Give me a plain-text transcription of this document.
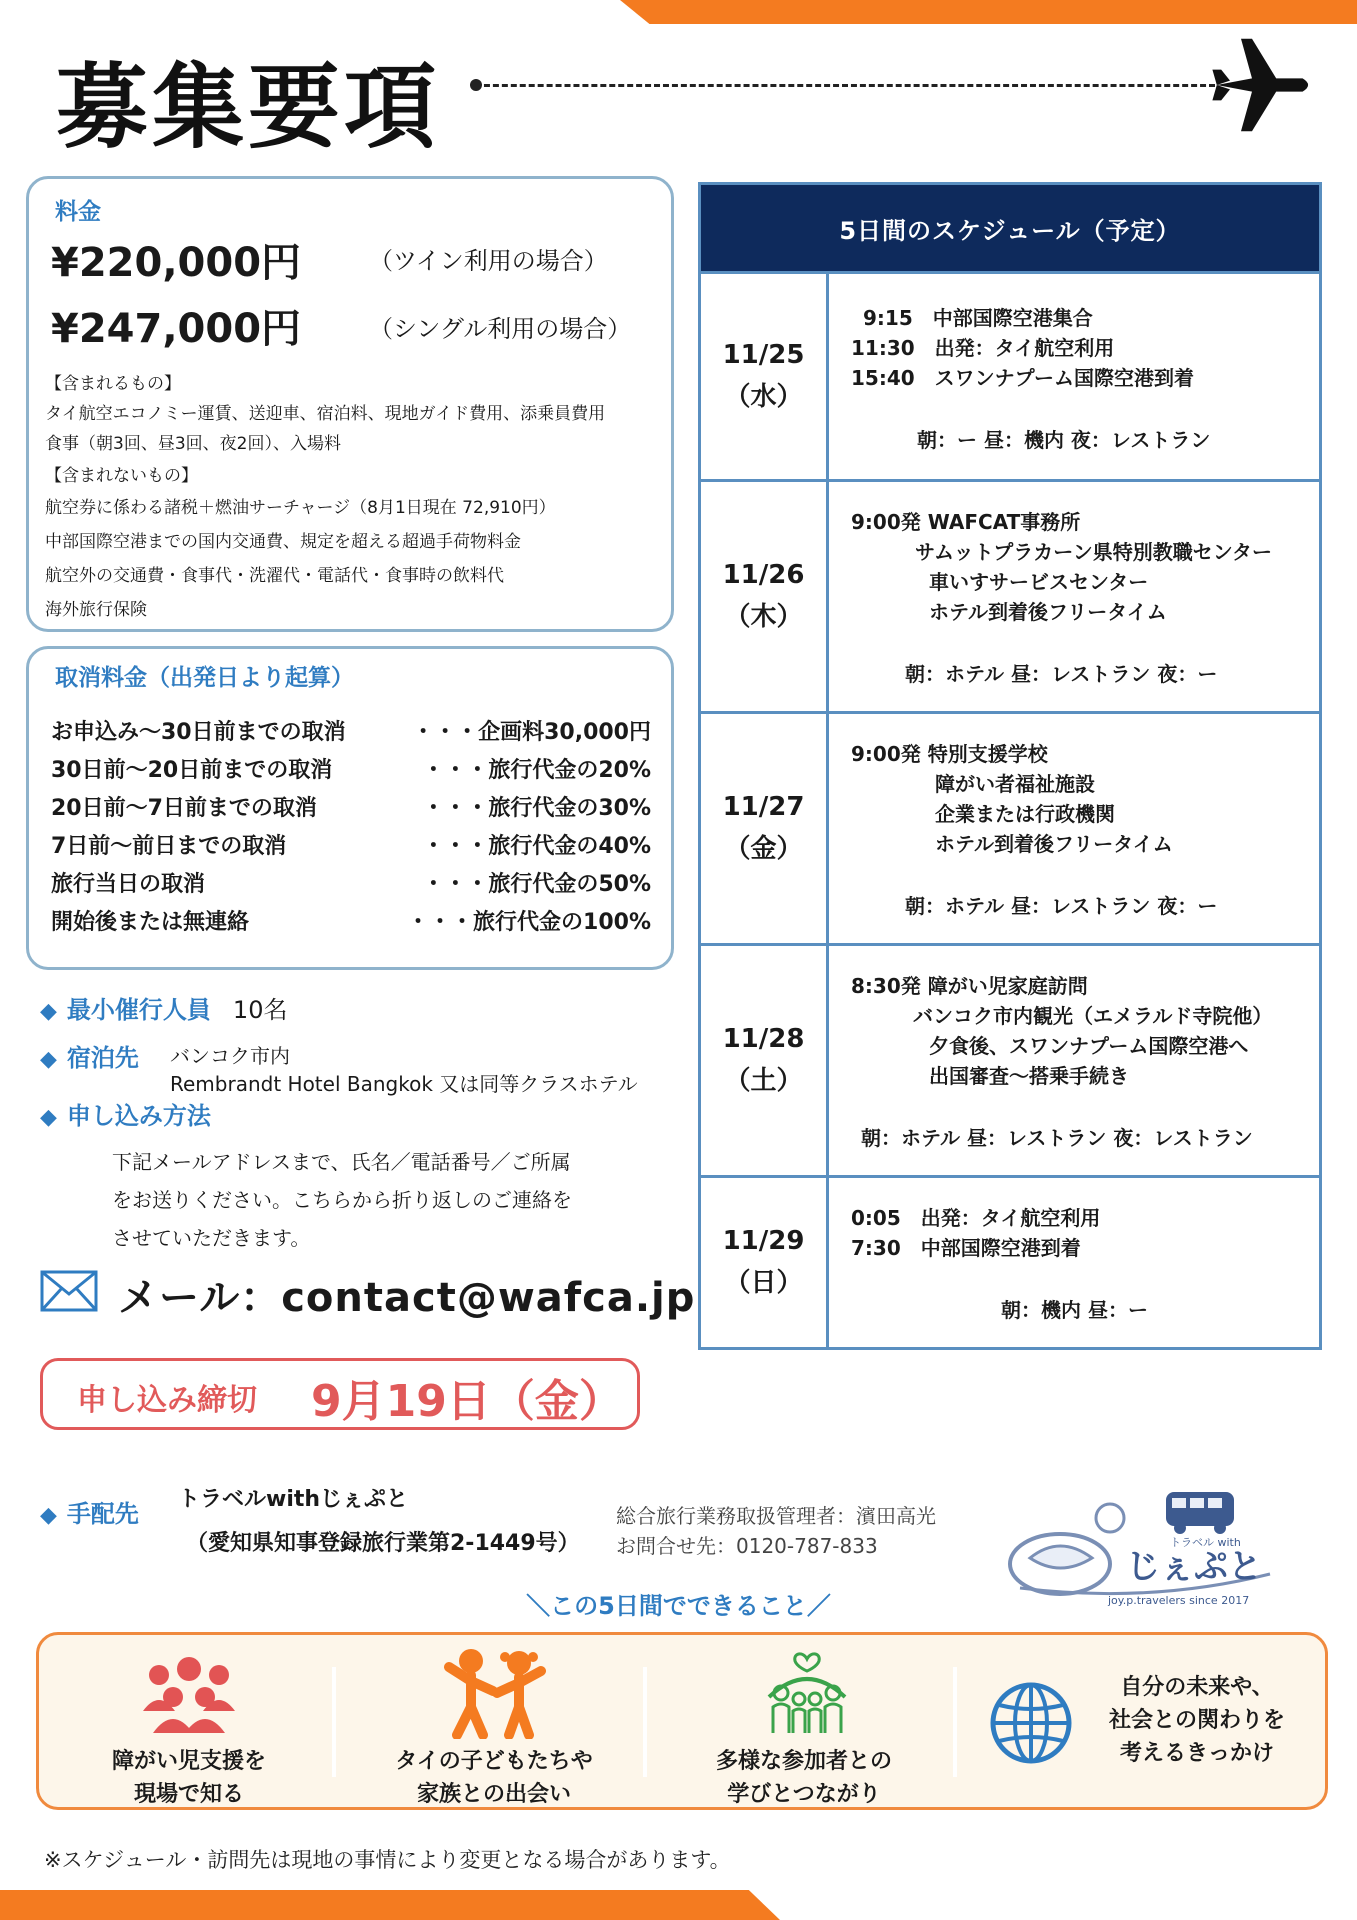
募集要項
料金
¥220,000円	（ツイン利用の場合）
¥247,000円	（シングル利用の場合）
【含まれるもの】
タイ航空エコノミー運賃、送迎車、宿泊料、現地ガイド費用、添乗員費用
食事（朝3回、昼3回、夜2回）、入場料
【含まれないもの】
航空券に係わる諸税＋燃油サーチャージ（8月1日現在 72,910円）
中部国際空港までの国内交通費、規定を超える超過手荷物料金
航空外の交通費・食事代・洗濯代・電話代・食事時の飲料代
海外旅行保険
取消料金（出発日より起算）
お申込み～30日前までの取消	・・・企画料30,000円
30日前～20日前までの取消	・・・旅行代金の20%
20日前～7日前までの取消	・・・旅行代金の30%
7日前～前日までの取消	・・・旅行代金の40%
旅行当日の取消	・・・旅行代金の50%
開始後または無連絡	・・・旅行代金の100%
◆ 最小催行人員 10名
◆ 宿泊先 バンコク市内
Rembrandt Hotel Bangkok 又は同等クラスホテル
◆ 申し込み方法
下記メールアドレスまで、氏名／電話番号／ご所属
をお送りください。こちらから折り返しのご連絡を
させていただきます。
メール：contact@wafca.jp
申し込み締切 9月19日（金）
◆ 手配先
トラベルwithじぇぷと
（愛知県知事登録旅行業第2-1449号）
総合旅行業務取扱管理者：濱田高光
お問合せ先：0120-787-833	トラベル with
じぇぷと
joy.p.travelers since 2017
5日間のスケジュール（予定）
11/25
（水）
9:15　中部国際空港集合
11:30　出発：タイ航空利用
15:40　スワンナプーム国際空港到着
朝：ー 昼：機内 夜：レストラン
11/26
（木）
9:00発 WAFCAT事務所
サムットプラカーン県特別教職センター
車いすサービスセンター
ホテル到着後フリータイム
朝：ホテル 昼：レストラン 夜：ー
11/27
（金）
9:00発 特別支援学校
障がい者福祉施設
企業または行政機関
ホテル到着後フリータイム
朝：ホテル 昼：レストラン 夜：ー
11/28
（土）
8:30発 障がい児家庭訪問
バンコク市内観光（エメラルド寺院他）
夕食後、スワンナプーム国際空港へ
出国審査～搭乗手続き
朝：ホテル 昼：レストラン 夜：レストラン
11/29
（日）
0:05　出発：タイ航空利用
7:30　中部国際空港到着
朝：機内 昼：ー
＼この5日間でできること／
障がい児支援を
現場で知る
タイの子どもたちや
家族との出会い
多様な参加者との
学びとつながり
自分の未来や、
社会との関わりを
考えるきっかけ
※スケジュール・訪問先は現地の事情により変更となる場合があります。
